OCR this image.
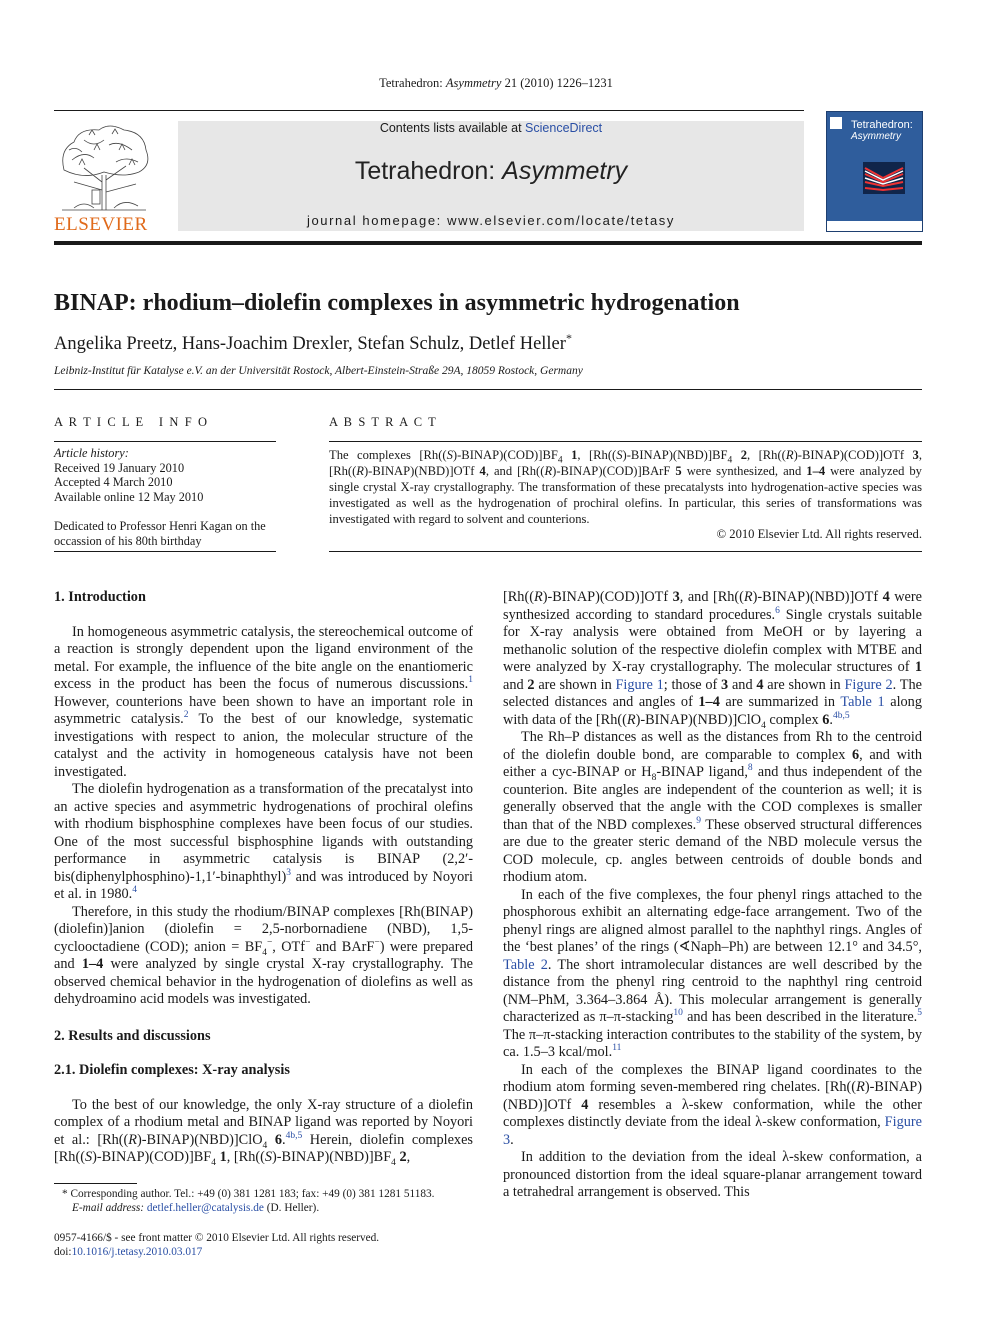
Tetrahedron: Asymmetry 21 (2010) 1226–1231
ELSEVIER
Contents lists available at ScienceDirect
Tetrahedron: Asymmetry
journal homepage: www.elsevier.com/locate/tetasy
Tetrahedron:
Asymmetry
BINAP: rhodium–diolefin complexes in asymmetric hydrogenation
Angelika Preetz, Hans-Joachim Drexler, Stefan Schulz, Detlef Heller*
Leibniz-Institut für Katalyse e.V. an der Universität Rostock, Albert-Einstein-Straße 29A, 18059 Rostock, Germany
A R T I C L E   I N F O
Article history:
Received 19 January 2010
Accepted 4 March 2010
Available online 12 May 2010
Dedicated to Professor Henri Kagan on the occassion of his 80th birthday
A B S T R A C T
The complexes $[Rh((S)-BINAP)(COD)]BF_4$ 1, $[Rh((S)-BINAP)(NBD)]BF_4$ 2, [Rh((R)-BINAP)(COD)]OTf 3, [Rh((R)-BINAP)(NBD)]OTf 4, and [Rh((R)-BINAP)(COD)]BArF 5 were synthesized, and 1–4 were analyzed by single crystal X-ray crystallography. The transformation of these precatalysts into hydrogenation-active species was investigated as well as the hydrogenation of prochiral olefins. In particular, this series of transformations was investigated with regard to solvent and counterions.
© 2010 Elsevier Ltd. All rights reserved.
1. Introduction

In homogeneous asymmetric catalysis, the stereochemical outcome of a reaction is strongly dependent upon the ligand environment of the metal. For example, the influence of the bite angle on the enantiomeric excess in the product has been the focus of numerous discussions.$^1$ However, counterions have been shown to have an important role in asymmetric catalysis.$^2$ To the best of our knowledge, systematic investigations with respect to anion, the molecular structure of the catalyst and the activity in homogeneous catalysis have not been investigated.

The diolefin hydrogenation as a transformation of the precatalyst into an active species and asymmetric hydrogenations of prochiral olefins with rhodium bisphosphine complexes have been focus of our studies. One of the most successful bisphosphine ligands with outstanding performance in asymmetric catalysis is BINAP (2,2′-bis(diphenylphosphino)-1,1′-binaphthyl)$^3$ and was introduced by Noyori et al. in 1980.$^4$

Therefore, in this study the rhodium/BINAP complexes [Rh(BINAP)(diolefin)]anion (diolefin = 2,5-norbornadiene (NBD), 1,5-cyclooctadiene (COD); anion = $BF_4^-$, OTf− and BArF−) were prepared and 1–4 were analyzed by single crystal X-ray crystallography. The observed chemical behavior in the hydrogenation of diolefins as well as dehydroamino acid models was investigated.

2. Results and discussions
2.1. Diolefin complexes: X-ray analysis

To the best of our knowledge, the only X-ray structure of a diolefin complex of a rhodium metal and BINAP ligand was reported by Noyori et al.: [Rh((R)-BINAP)(NBD)]ClO$_4$ 6.$^{4b,5}$ Herein, diolefin complexes $[Rh((S)-BINAP)(COD)]BF_4$ 1, $[Rh((S)-BINAP)(NBD)]BF_4$ 2,

* Corresponding author. Tel.: +49 (0) 381 1281 183; fax: +49 (0) 381 1281 51183.
E-mail address: detlef.heller@catalysis.de (D. Heller).
0957-4166/$ - see front matter © 2010 Elsevier Ltd. All rights reserved.
doi:10.1016/j.tetasy.2010.03.017

[Rh((R)-BINAP)(COD)]OTf 3, and [Rh((R)-BINAP)(NBD)]OTf 4 were synthesized according to standard procedures.$^6$ Single crystals suitable for X-ray analysis were obtained from MeOH or by layering a methanolic solution of the respective diolefin complex with MTBE and were analyzed by X-ray crystallography. The molecular structures of 1 and 2 are shown in Figure 1; those of 3 and 4 are shown in Figure 2. The selected distances and angles of 1–4 are summarized in Table 1 along with data of the [Rh((R)-BINAP)(NBD)]ClO$_4$ complex 6.$^{4b,5}$

The Rh–P distances as well as the distances from Rh to the centroid of the diolefin double bond, are comparable to complex 6, and with either a cyc-BINAP or $H_8$-BINAP ligand,$^8$ and thus independent of the counterion. Bite angles are independent of the counterion as well; it is generally observed that the angle with the COD complexes is smaller than that of the NBD complexes.$^9$ These observed structural differences are due to the greater steric demand of the NBD molecule versus the COD molecule, cp. angles between centroids of double bonds and rhodium atom.

In each of the five complexes, the four phenyl rings attached to the phosphorous exhibit an alternating edge-face arrangement. Two of the phenyl rings are aligned almost parallel to the naphthyl rings. Angles of the ‘best planes’ of the rings (∢Naph–Ph) are between 12.1° and 34.5°, Table 2. The short intramolecular distances are well described by the distance from the phenyl ring centroid to the naphthyl ring centroid (NM–PhM, 3.364–3.864 Å). This molecular arrangement is generally characterized as π–π-stacking$^{10}$ and has been described in the literature.$^5$ The π–π-stacking interaction contributes to the stability of the system, by ca. 1.5–3 kcal/mol.$^{11}$

In each of the complexes the BINAP ligand coordinates to the rhodium atom forming seven-membered ring chelates. [Rh((R)-BINAP)(NBD)]OTf 4 resembles a λ-skew conformation, while the other complexes distinctly deviate from the ideal λ-skew conformation, Figure 3.

In addition to the deviation from the ideal λ-skew conformation, a pronounced distortion from the ideal square-planar arrangement toward a tetrahedral arrangement is observed. This
